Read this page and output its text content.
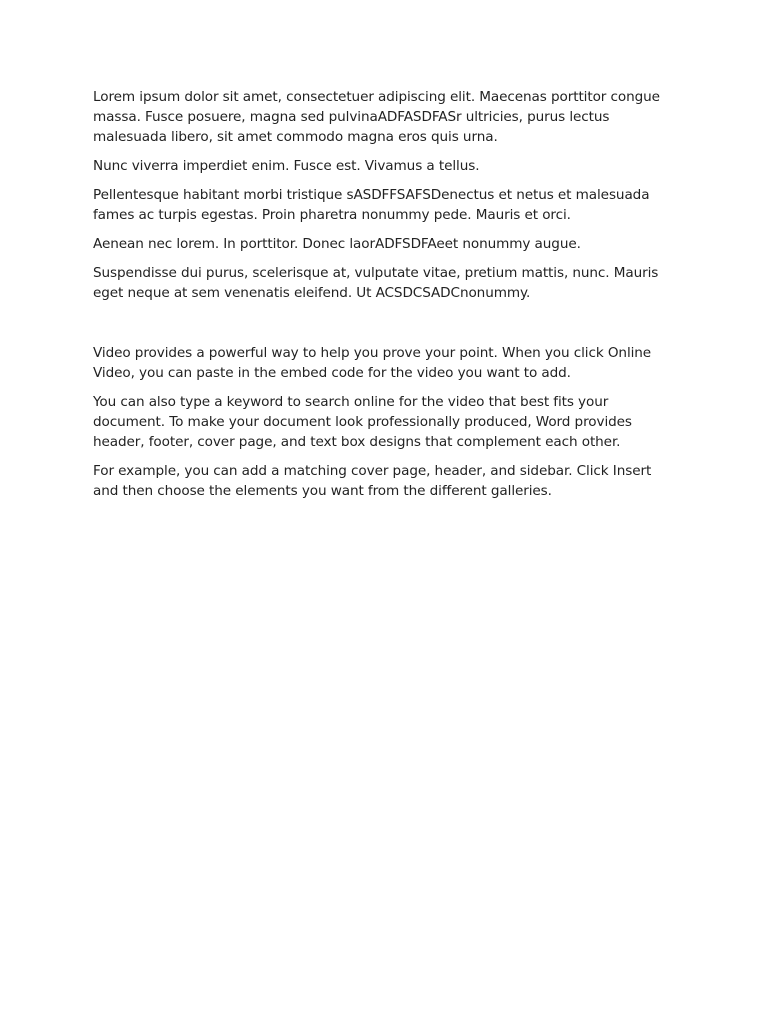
Lorem ipsum dolor sit amet, consectetuer adipiscing elit. Maecenas porttitor congue massa. Fusce posuere, magna sed pulvinaADFASDFASr ultricies, purus lectus malesuada libero, sit amet commodo magna eros quis urna.

Nunc viverra imperdiet enim. Fusce est. Vivamus a tellus.

Pellentesque habitant morbi tristique sASDFFSAFSDenectus et netus et malesuada fames ac turpis egestas. Proin pharetra nonummy pede. Mauris et orci.

Aenean nec lorem. In porttitor. Donec laorADFSDFAeet nonummy augue.

Suspendisse dui purus, scelerisque at, vulputate vitae, pretium mattis, nunc. Mauris eget neque at sem venenatis eleifend. Ut ACSDCSADCnonummy.

Video provides a powerful way to help you prove your point. When you click Online Video, you can paste in the embed code for the video you want to add.

You can also type a keyword to search online for the video that best fits your document. To make your document look professionally produced, Word provides header, footer, cover page, and text box designs that complement each other.

For example, you can add a matching cover page, header, and sidebar. Click Insert and then choose the elements you want from the different galleries.
